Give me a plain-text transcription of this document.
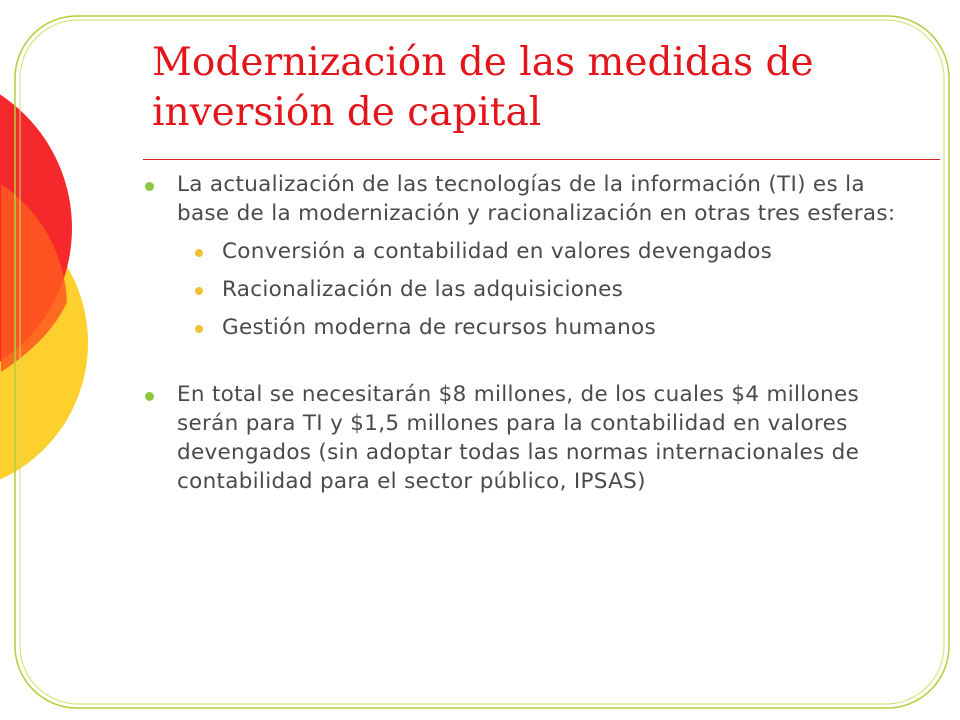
Modernización de las medidas de inversión de capital
La actualización de las tecnologías de la información (TI) es la base de la modernización y racionalización en otras tres esferas:
Conversión a contabilidad en valores devengados
Racionalización de las adquisiciones
Gestión moderna de recursos humanos
En total se necesitarán $8 millones, de los cuales $4 millones serán para TI y $1,5 millones para la contabilidad en valores devengados (sin adoptar todas las normas internacionales de contabilidad para el sector público, IPSAS)
